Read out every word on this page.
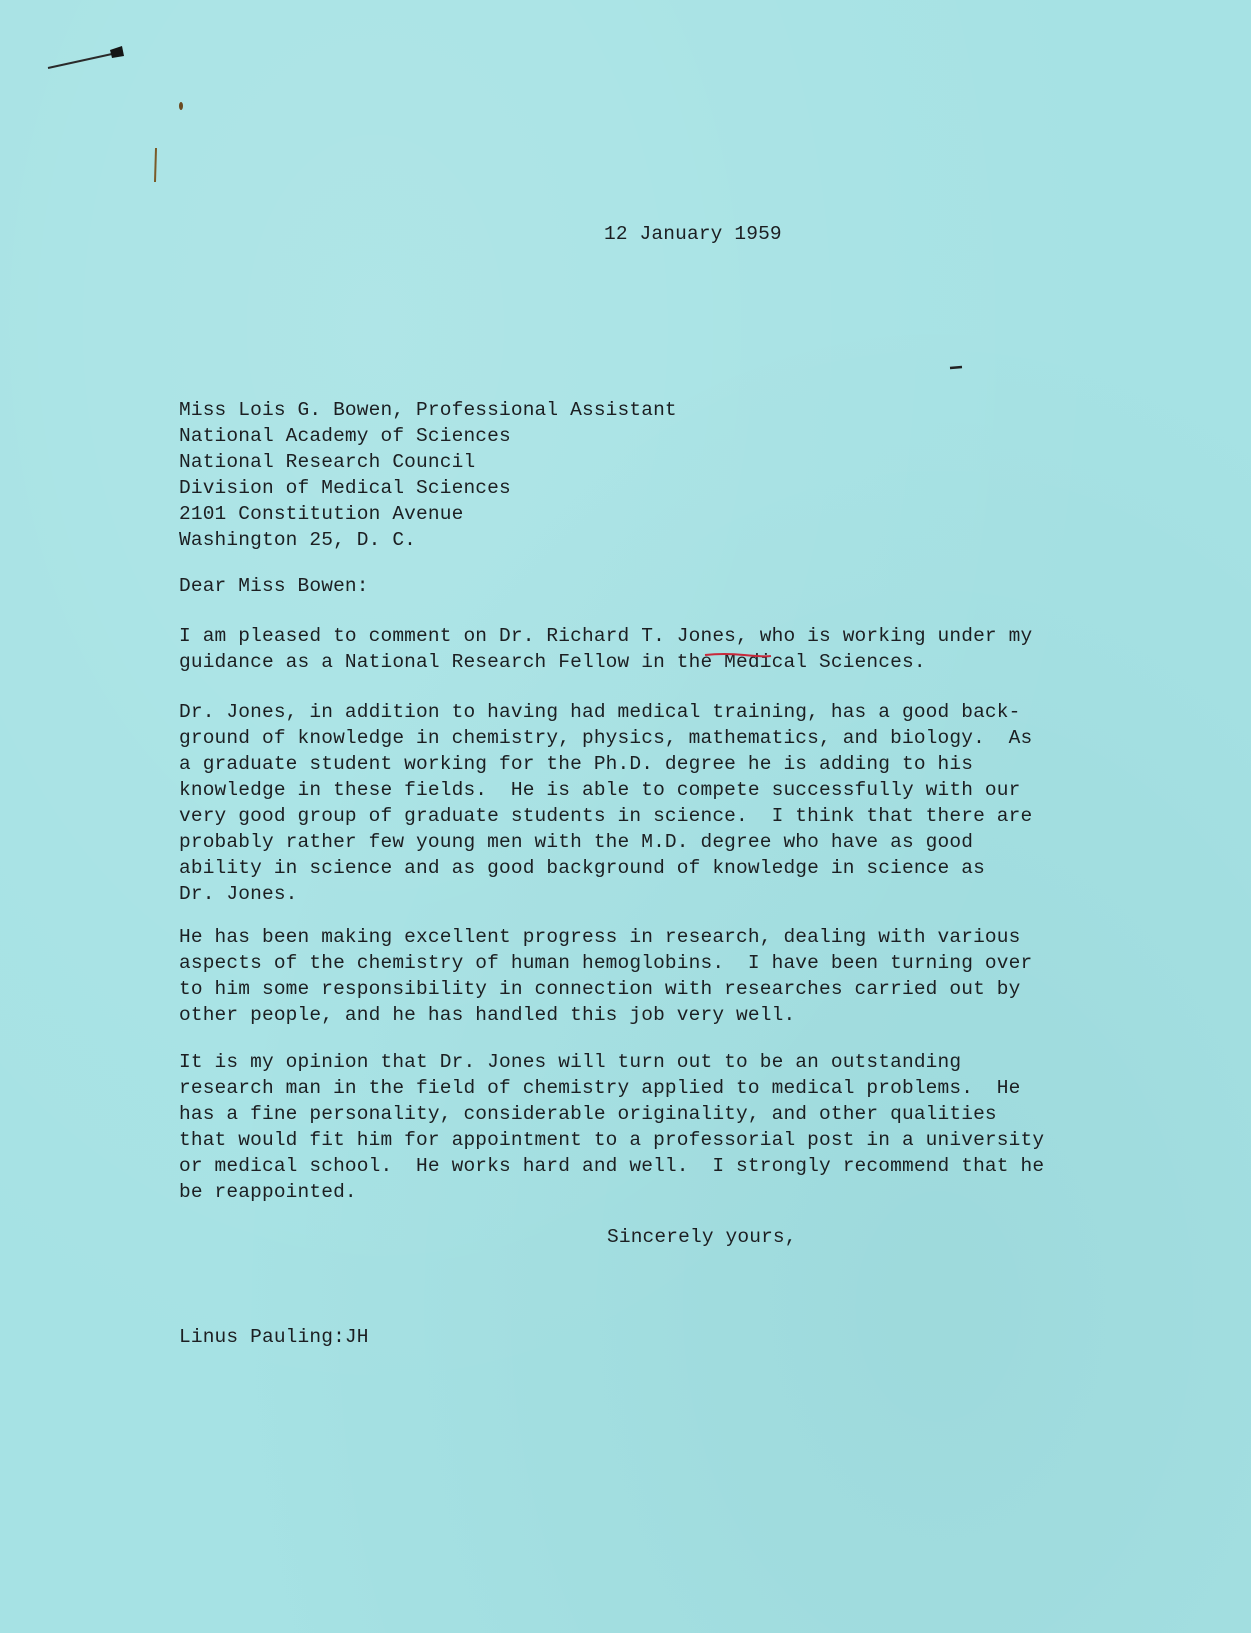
12 January 1959
Miss Lois G. Bowen, Professional Assistant
National Academy of Sciences
National Research Council
Division of Medical Sciences
2101 Constitution Avenue
Washington 25, D. C.
Dear Miss Bowen:
I am pleased to comment on Dr. Richard T. Jones, who is working under my
guidance as a National Research Fellow in the Medical Sciences.
Dr. Jones, in addition to having had medical training, has a good back-
ground of knowledge in chemistry, physics, mathematics, and biology.  As
a graduate student working for the Ph.D. degree he is adding to his
knowledge in these fields.  He is able to compete successfully with our
very good group of graduate students in science.  I think that there are
probably rather few young men with the M.D. degree who have as good
ability in science and as good background of knowledge in science as
Dr. Jones.
He has been making excellent progress in research, dealing with various
aspects of the chemistry of human hemoglobins.  I have been turning over
to him some responsibility in connection with researches carried out by
other people, and he has handled this job very well.
It is my opinion that Dr. Jones will turn out to be an outstanding
research man in the field of chemistry applied to medical problems.  He
has a fine personality, considerable originality, and other qualities
that would fit him for appointment to a professorial post in a university
or medical school.  He works hard and well.  I strongly recommend that he
be reappointed.
Sincerely yours,
Linus Pauling:JH
